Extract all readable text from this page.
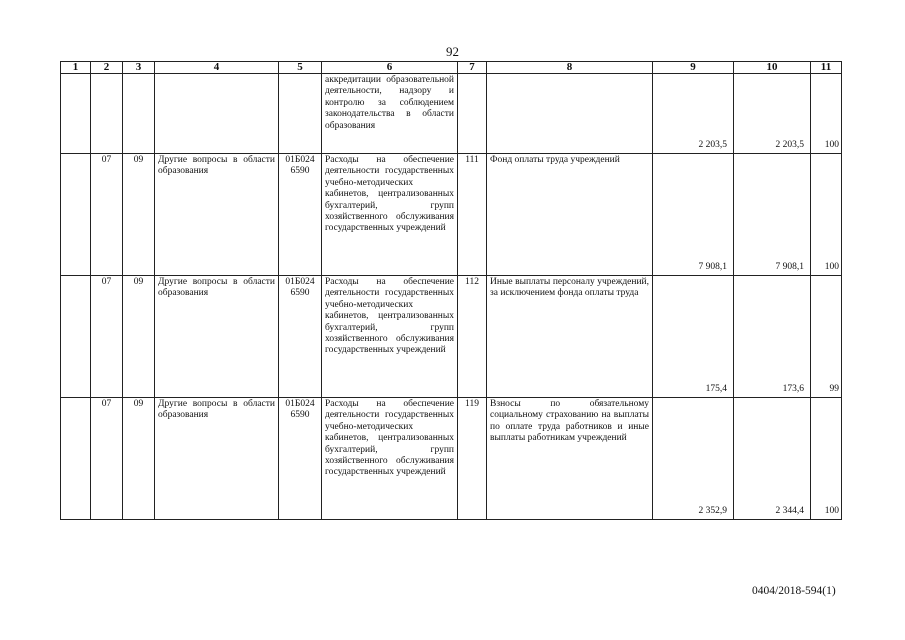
92
1	2	3	4	5	6	7	8	9	10	11
					аккредитации образовательной деятельности, надзору и контролю за соблюдением законодательства в области образования			2 203,5	2 203,5	100
	07	09	Другие вопросы в области образования	01Б024 6590	Расходы на обеспечение деятельности государственных учебно-методических кабинетов, централизованных бухгалтерий, групп хозяйственного обслуживания государственных учреждений	111	Фонд оплаты труда учреждений	7 908,1	7 908,1	100
	07	09	Другие вопросы в области образования	01Б024 6590	Расходы на обеспечение деятельности государственных учебно-методических кабинетов, централизованных бухгалтерий, групп хозяйственного обслуживания государственных учреждений	112	Иные выплаты персоналу учреждений, за исключением фонда оплаты труда	175,4	173,6	99
	07	09	Другие вопросы в области образования	01Б024 6590	Расходы на обеспечение деятельности государственных учебно-методических кабинетов, централизованных бухгалтерий, групп хозяйственного обслуживания государственных учреждений	119	Взносы по обязательному социальному страхованию на выплаты по оплате труда работников и иные выплаты работникам учреждений	2 352,9	2 344,4	100
0404/2018-594(1)
